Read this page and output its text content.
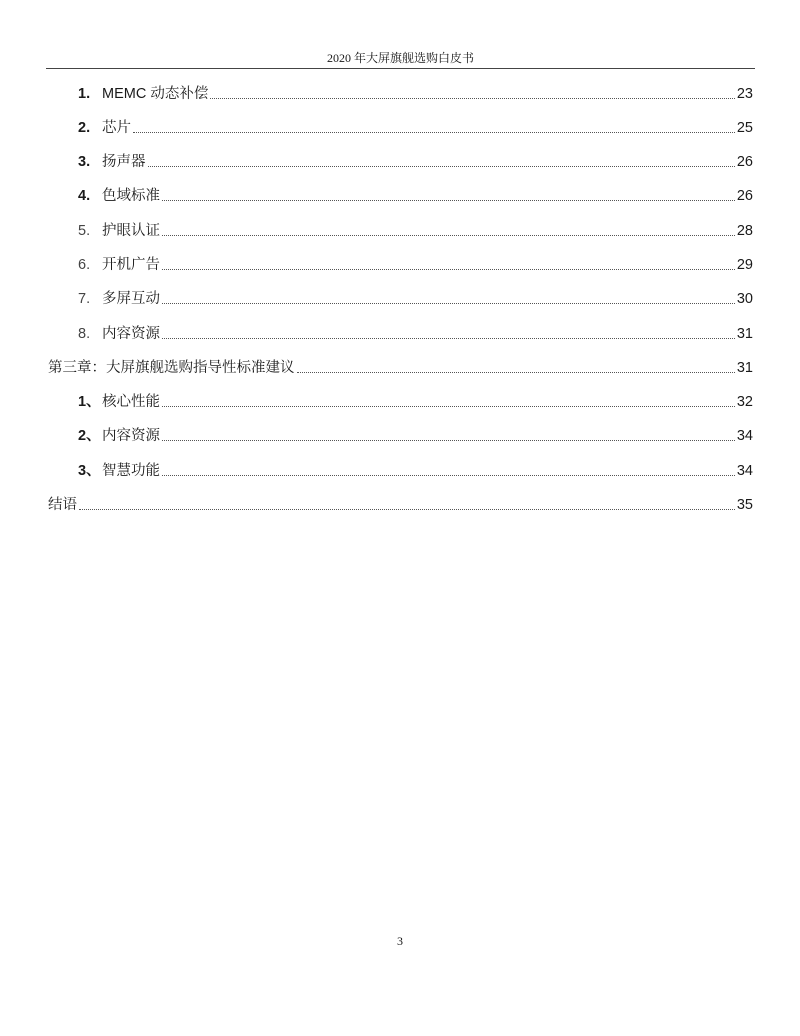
2020 年大屏旗舰选购白皮书
1. MEMC 动态补偿	23
2. 芯片	25
3. 扬声器	26
4. 色域标准	26
5. 护眼认证	28
6. 开机广告	29
7. 多屏互动	30
8. 内容资源	31
第三章：大屏旗舰选购指导性标准建议	31
1、 核心性能	32
2、 内容资源	34
3、 智慧功能	34
结语	35
3
